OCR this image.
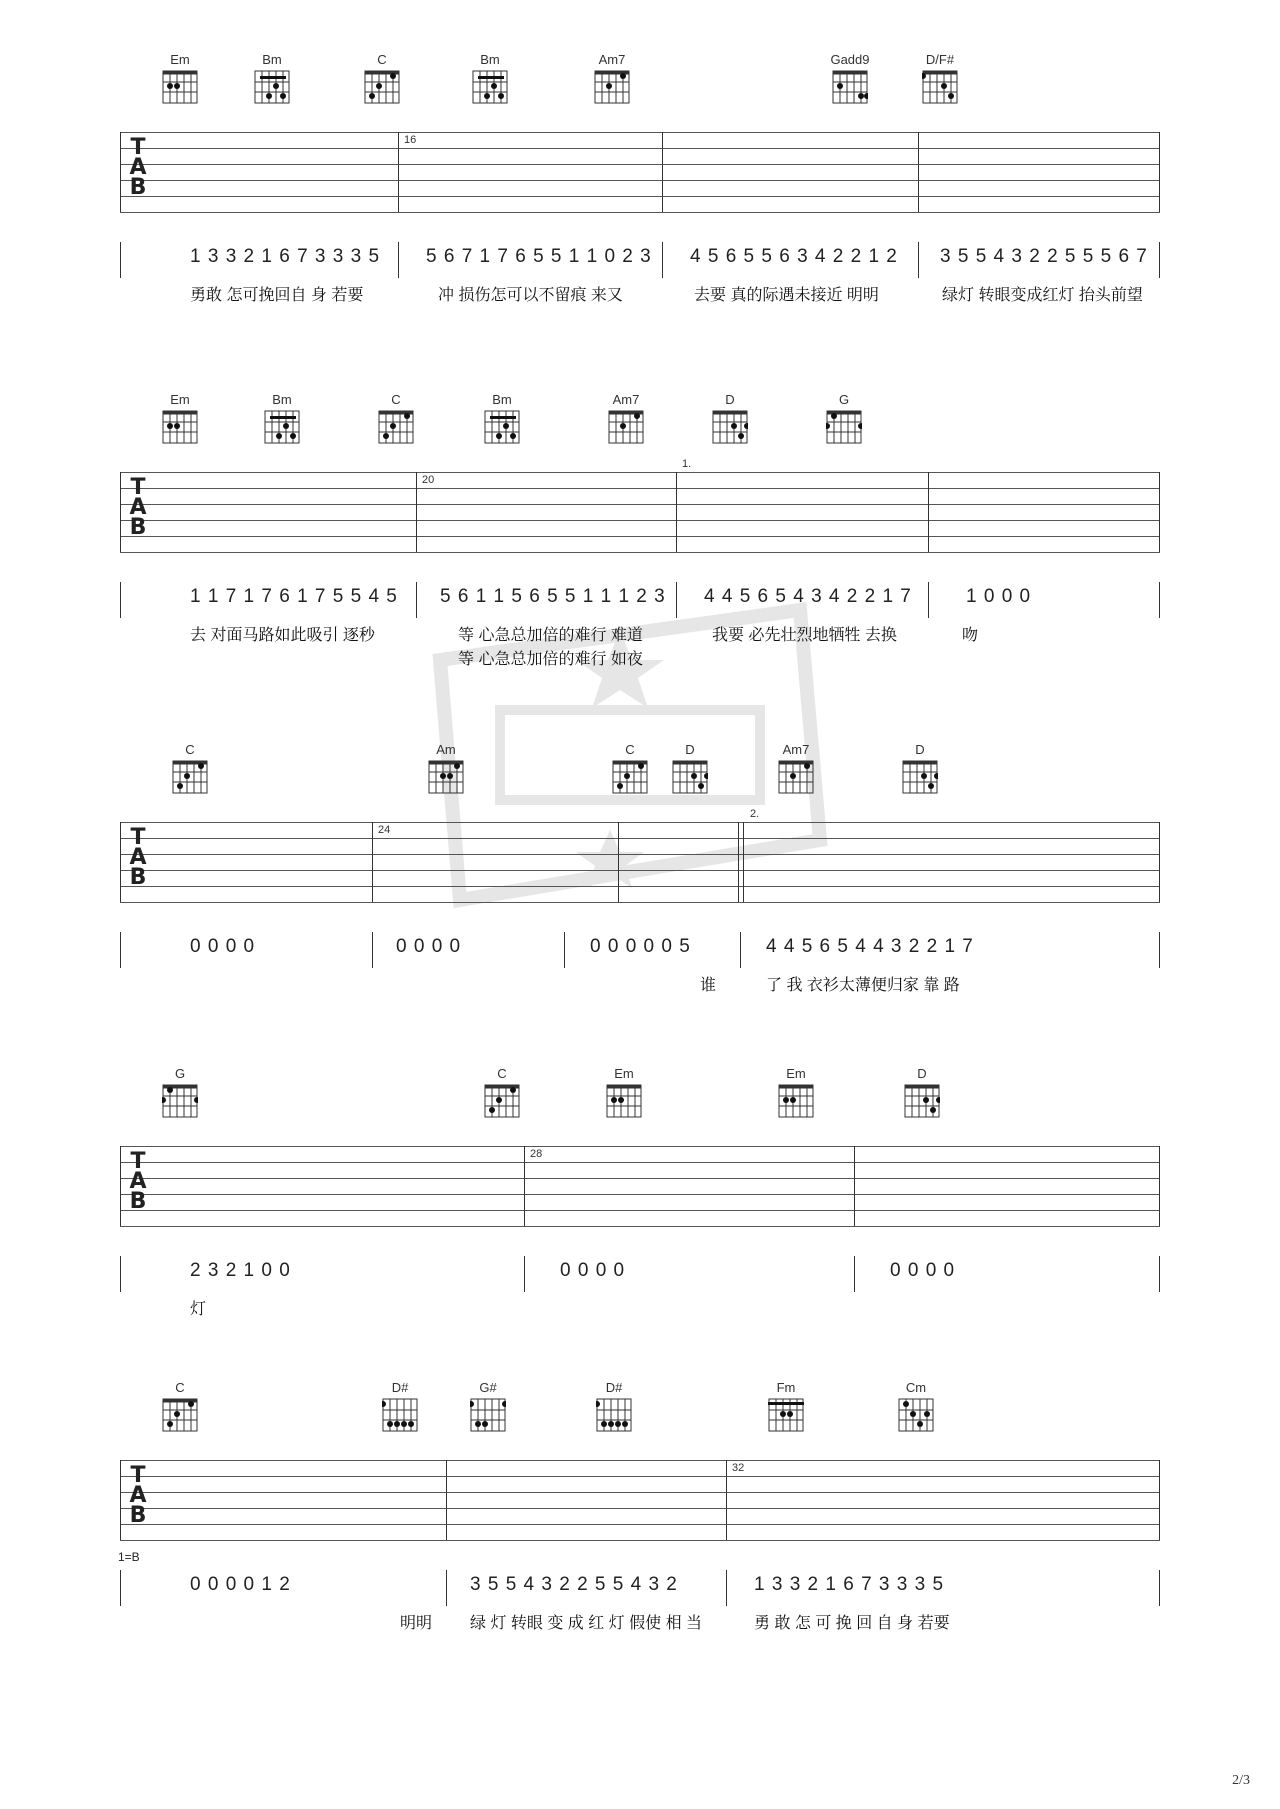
Em	Bm	C	Bm	Am7	Gadd9	D/F#
T
A
B
16
1 3 3 2 1 6 7 3 3 3 5 5 6 7 1 7 6 5 5 1 1 0 2 3 4 5 6 5 5 6 3 4 2 2 1 2 3 5 5 4 3 2 2 5 5 5 6 7
勇敢 怎可挽回自 身 若要	冲 损伤怎可以不留痕 来又	去要 真的际遇未接近 明明	绿灯 转眼变成红灯 抬头前望
Em	Bm	C	Bm	Am7	D	G
T
A
B
20
1.
1 1 7 1 7 6 1 7 5 5 4 5 5 6 1 1 5 6 5 5 1 1 1 2 3 4 4 5 6 5 4 3 4 2 2 1 7	1 0 0 0
去 对面马路如此吸引 逐秒	等 心急总加倍的难行 难道	我要 必先壮烈地牺牲 去换	吻
等 心急总加倍的难行 如夜
C	Am	C	D	Am7	D
T
A
B
24
2.
0 0 0 0	0 0 0 0	0 0 0 0 0 5	4 4 5 6 5 4 4 3 2 2 1 7
谁	了 我 衣衫太薄便归家 靠 路
G	C	Em	Em	D
T
A
B
28
2 3 2 1 0 0	0 0 0 0	0 0 0 0
灯
C	D#	G#	D#	Fm	Cm
T
A
B
32
1=B
0 0 0 0 1 2	3 5 5 4 3 2 2 5 5 4 3 2	1 3 3 2 1 6 7 3 3 3 5
明明 绿 灯 转眼 变 成 红 灯 假使 相 当	勇 敢 怎 可 挽 回 自 身 若要
2/3
